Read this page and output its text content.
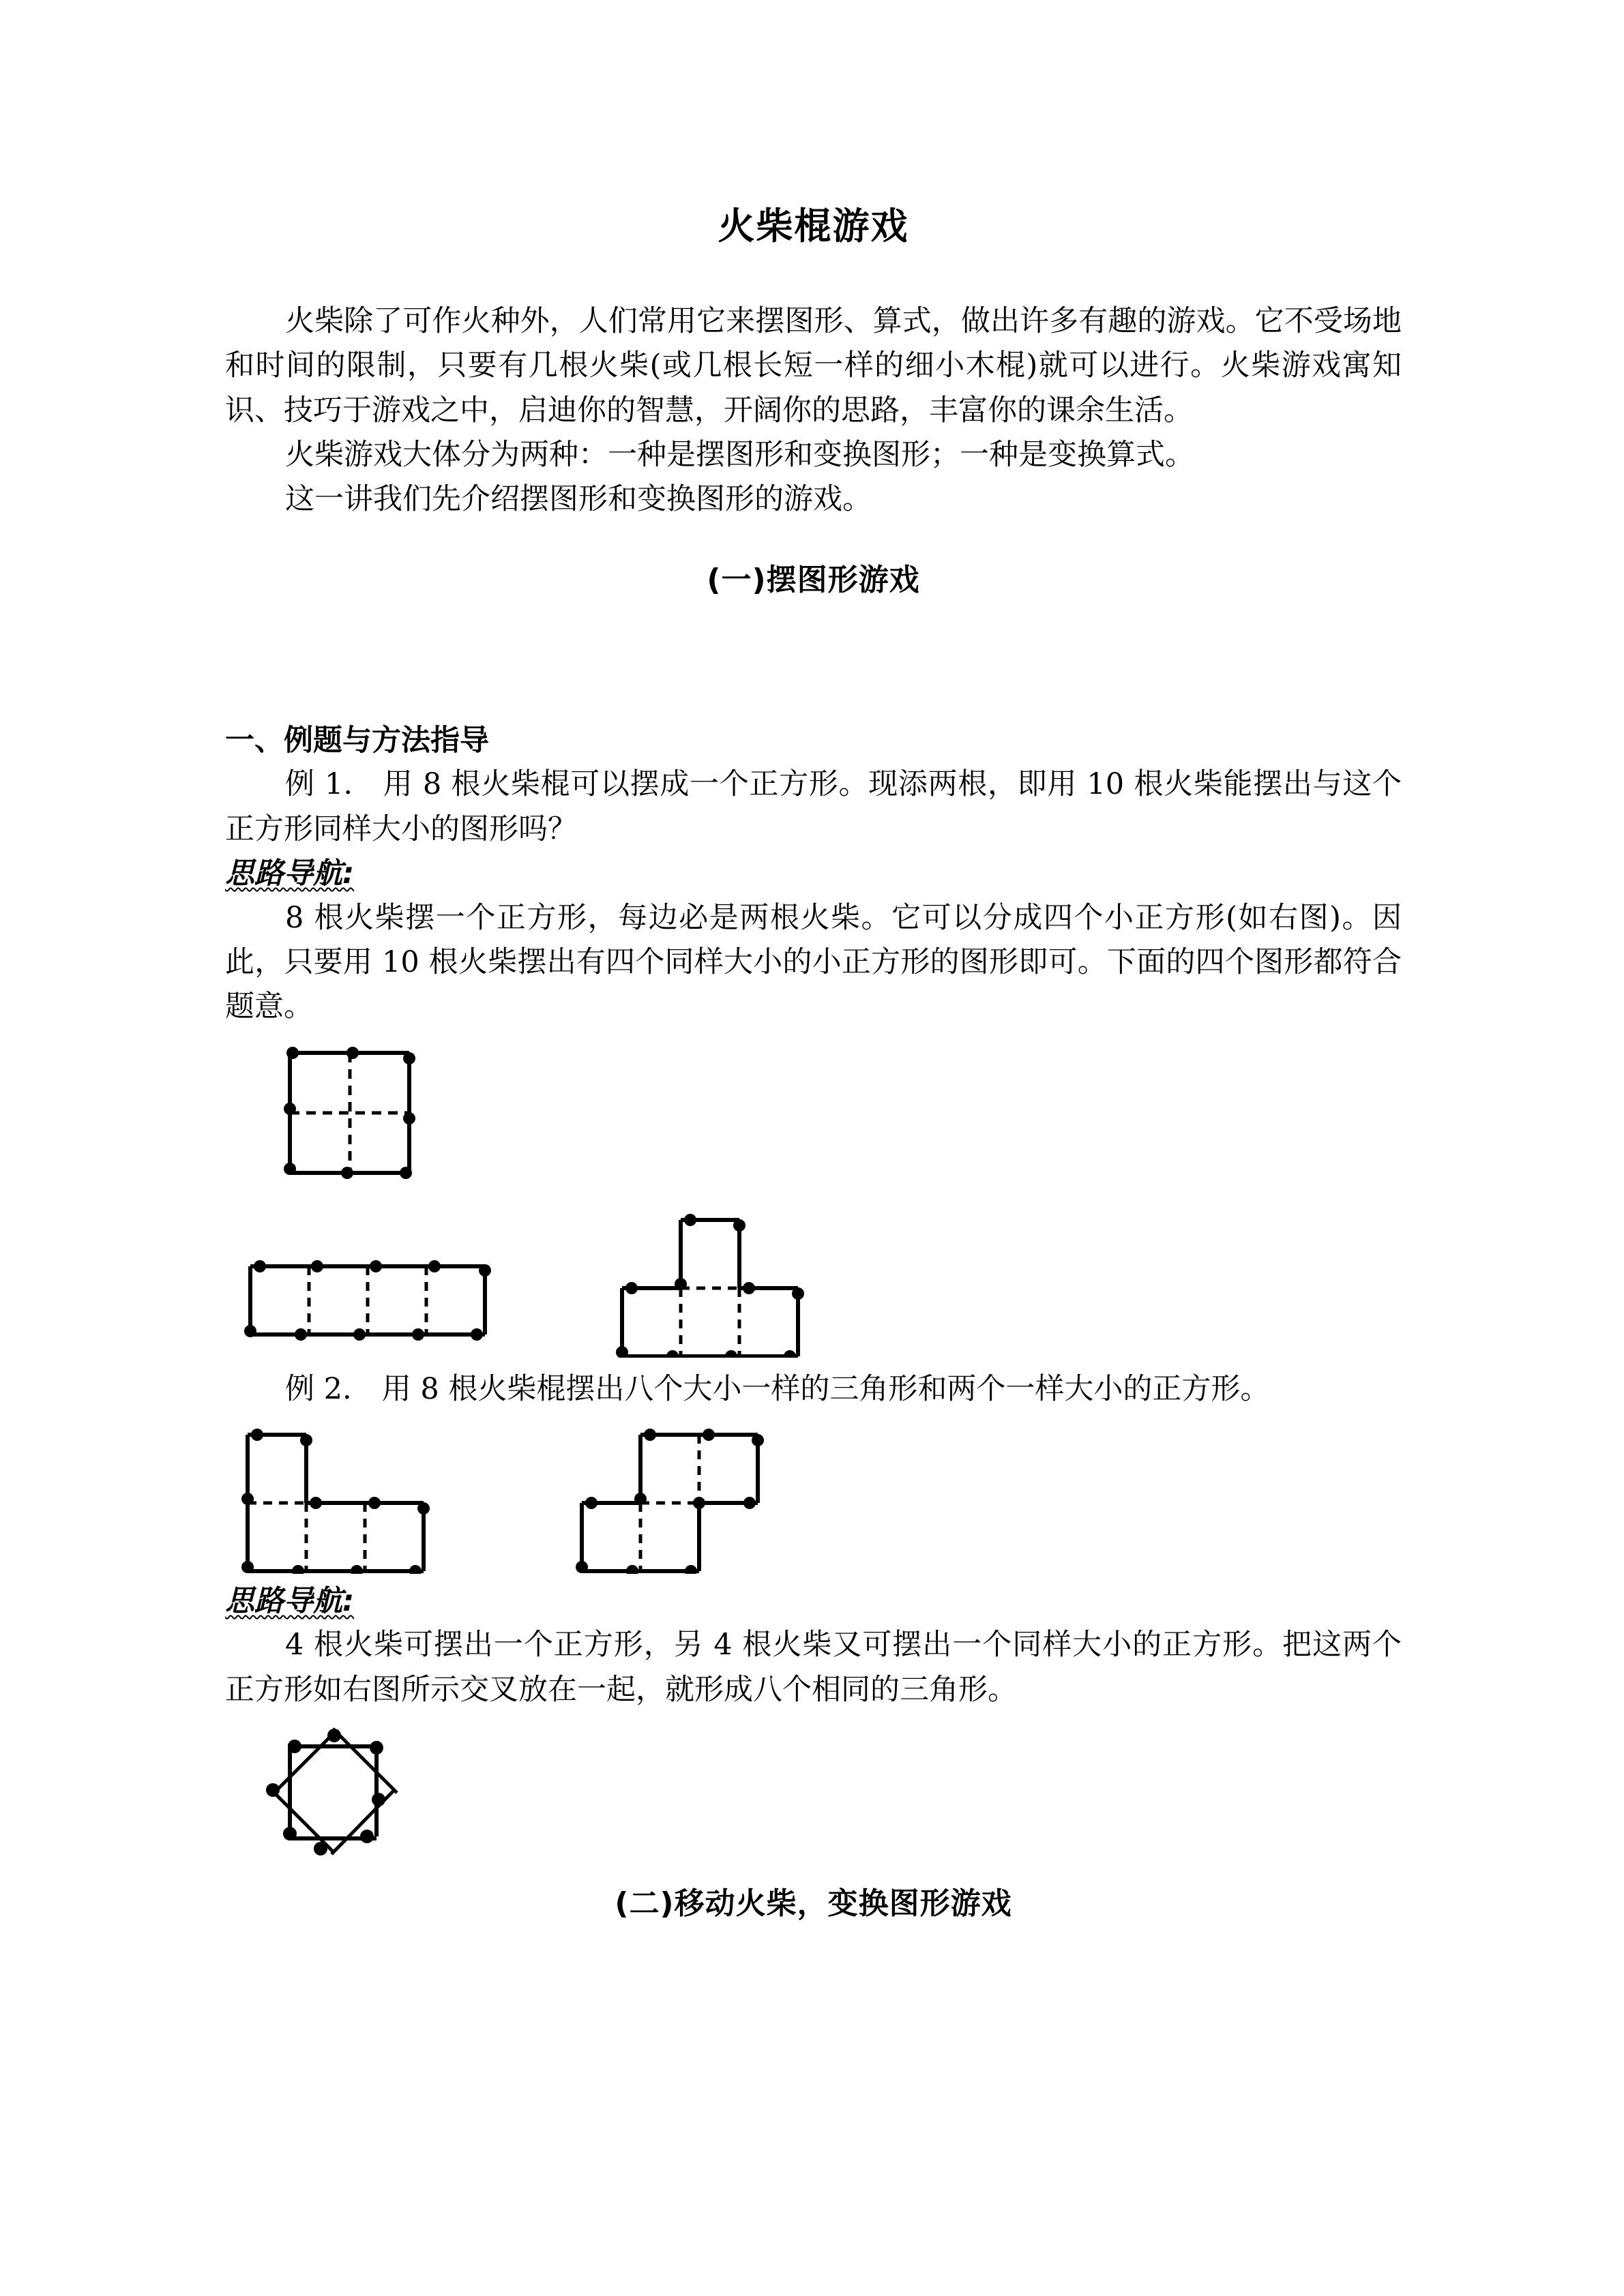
火柴棍游戏

火柴除了可作火种外，人们常用它来摆图形、算式，做出许多有趣的游戏。它不受场地和时间的限制，只要有几根火柴(或几根长短一样的细小木棍)就可以进行。火柴游戏寓知识、技巧于游戏之中，启迪你的智慧，开阔你的思路，丰富你的课余生活。

火柴游戏大体分为两种：一种是摆图形和变换图形；一种是变换算式。

这一讲我们先介绍摆图形和变换图形的游戏。

(一)摆图形游戏
一、例题与方法指导

例 1. 用 8 根火柴棍可以摆成一个正方形。现添两根，即用 10 根火柴能摆出与这个正方形同样大小的图形吗？

思路导航:

8 根火柴摆一个正方形，每边必是两根火柴。它可以分成四个小正方形(如右图)。因此，只要用 10 根火柴摆出有四个同样大小的小正方形的图形即可。下面的四个图形都符合题意。

例 2. 用 8 根火柴棍摆出八个大小一样的三角形和两个一样大小的正方形。

思路导航:

4 根火柴可摆出一个正方形，另 4 根火柴又可摆出一个同样大小的正方形。把这两个正方形如右图所示交叉放在一起，就形成八个相同的三角形。

(二)移动火柴，变换图形游戏
